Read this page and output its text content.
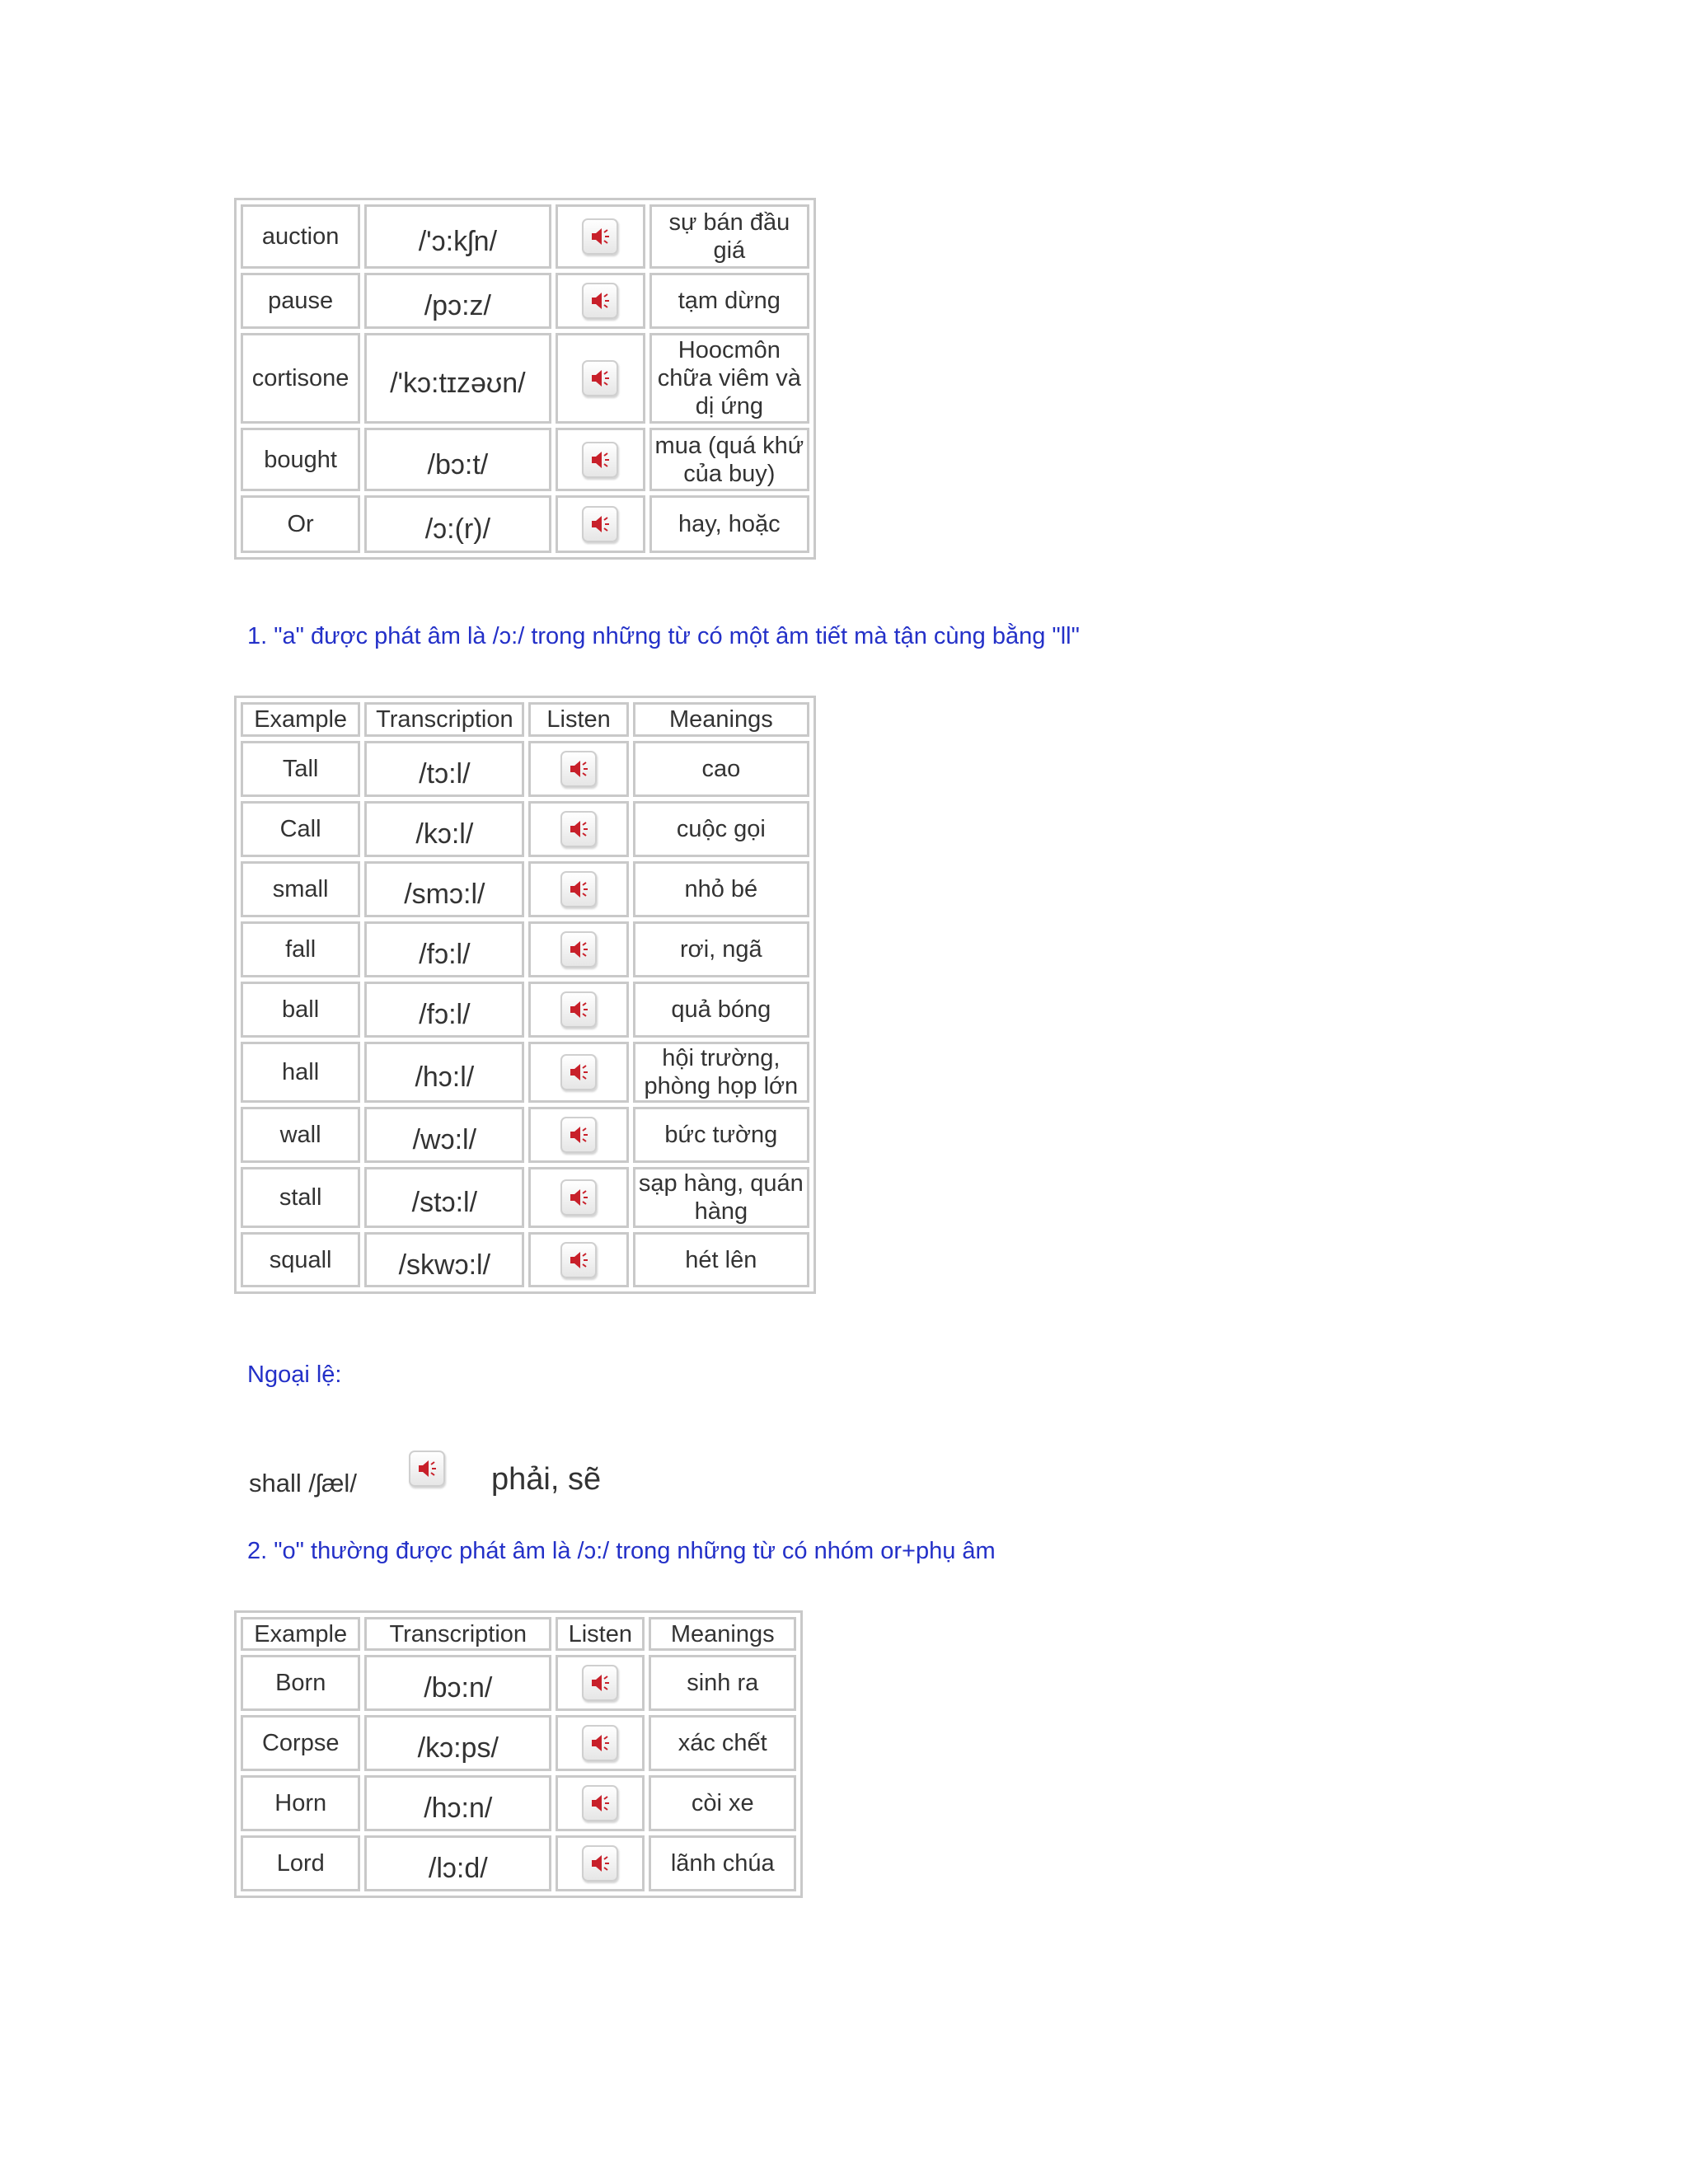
auction	/'ɔ:kʃn/		sự bán đầu giá
pause	/pɔ:z/		tạm dừng
cortisone	/'kɔ:tɪzəʊn/		Hoocmôn chữa viêm và dị ứng
bought	/bɔ:t/		mua (quá khứ của buy)
Or	/ɔ:(r)/		hay, hoặc

1. "a" được phát âm là /ɔ:/ trong những từ có một âm tiết mà tận cùng bằng "ll"

Example	Transcription	Listen	Meanings
Tall	/tɔ:l/		cao
Call	/kɔ:l/		cuộc gọi
small	/smɔ:l/		nhỏ bé
fall	/fɔ:l/		rơi, ngã
ball	/fɔ:l/		quả bóng
hall	/hɔ:l/		hội trường, phòng họp lớn
wall	/wɔ:l/		bức tường
stall	/stɔ:l/		sạp hàng, quán hàng
squall	/skwɔ:l/		hét lên

Ngoại lệ:

shall /ʃæl/	phải, sẽ

2. "o" thường được phát âm là /ɔ:/ trong những từ có nhóm or+phụ âm

Example	Transcription	Listen	Meanings
Born	/bɔ:n/		sinh ra
Corpse	/kɔ:ps/		xác chết
Horn	/hɔ:n/		còi xe
Lord	/lɔ:d/		lãnh chúa
